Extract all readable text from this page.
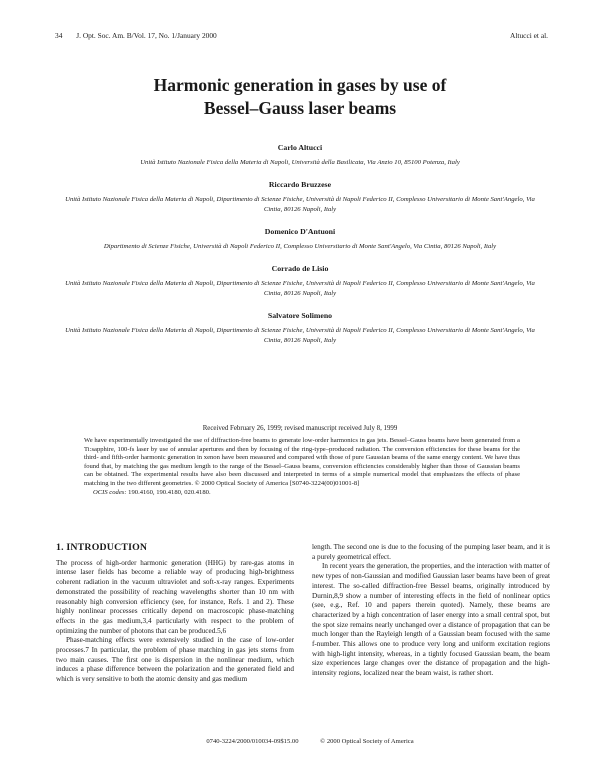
34 J. Opt. Soc. Am. B/Vol. 17, No. 1/January 2000	Altucci et al.
Harmonic generation in gases by use of
Bessel–Gauss laser beams
Carlo Altucci
Unità Istituto Nazionale Fisica della Materia di Napoli, Università della Basilicata, Via Anzio 10, 85100 Potenza, Italy
Riccardo Bruzzese
Unità Istituto Nazionale Fisica della Materia di Napoli, Dipartimento di Scienze Fisiche, Università di Napoli Federico II, Complesso Universitario di Monte Sant'Angelo, Via Cintia, 80126 Napoli, Italy
Domenico D'Antuoni
Dipartimento di Scienze Fisiche, Università di Napoli Federico II, Complesso Universitario di Monte Sant'Angelo, Via Cintia, 80126 Napoli, Italy
Corrado de Lisio
Unità Istituto Nazionale Fisica della Materia di Napoli, Dipartimento di Scienze Fisiche, Università di Napoli Federico II, Complesso Universitario di Monte Sant'Angelo, Via Cintia, 80126 Napoli, Italy
Salvatore Solimeno
Unità Istituto Nazionale Fisica della Materia di Napoli, Dipartimento di Scienze Fisiche, Università di Napoli Federico II, Complesso Universitario di Monte Sant'Angelo, Via Cintia, 80126 Napoli, Italy
Received February 26, 1999; revised manuscript received July 8, 1999

We have experimentally investigated the use of diffraction-free beams to generate low-order harmonics in gas jets. Bessel–Gauss beams have been generated from a Ti:sapphire, 100-fs laser by use of annular apertures and then by focusing of the ring-type–produced radiation. The conversion efficiencies for these beams for the third- and fifth-order harmonic generation in xenon have been measured and compared with those of pure Gaussian beams of the same energy content. We have thus found that, by matching the gas medium length to the range of the Bessel–Gauss beams, conversion efficiencies considerably higher than those of Gaussian beams can be obtained. The experimental results have also been discussed and interpreted in terms of a simple numerical model that emphasizes the effects of phase matching in the two different geometries. © 2000 Optical Society of America [S0740-3224(00)01001-8]

OCIS codes: 190.4160, 190.4180, 020.4180.

1. INTRODUCTION

The process of high-order harmonic generation (HHG) by rare-gas atoms in intense laser fields has become a reliable way of producing high-brightness coherent radiation in the vacuum ultraviolet and soft-x-ray ranges. Experiments demonstrated the possibility of reaching wavelengths shorter than 10 nm with reasonably high conversion efficiency (see, for instance, Refs. 1 and 2). These highly nonlinear processes critically depend on macroscopic phase-matching effects in the gas medium,3,4 particularly with respect to the problem of optimizing the number of photons that can be produced.5,6

Phase-matching effects were extensively studied in the case of low-order processes.7 In particular, the problem of phase matching in gas jets stems from two main causes. The first one is dispersion in the nonlinear medium, which induces a phase difference between the polarization and the generated field and which is very sensitive to both the atomic density and gas medium

length. The second one is due to the focusing of the pumping laser beam, and it is a purely geometrical effect.

In recent years the generation, the properties, and the interaction with matter of new types of non-Gaussian and modified Gaussian laser beams have been of great interest. The so-called diffraction-free Bessel beams, originally introduced by Durnin,8,9 show a number of interesting effects in the field of nonlinear optics (see, e.g., Ref. 10 and papers therein quoted). Namely, these beams are characterized by a high concentration of laser energy into a small central spot, but the spot size remains nearly unchanged over a distance of propagation that can be much longer than the Rayleigh length of a Gaussian beam focused with the same f-number. This allows one to produce very long and uniform excitation regions with high-light intensity, whereas, in a tightly focused Gaussian beam, the beam size experiences large changes over the distance of propagation and the high-intensity regions, localized near the beam waist, is rather short.

0740-3224/2000/010034-09$15.00	© 2000 Optical Society of America
